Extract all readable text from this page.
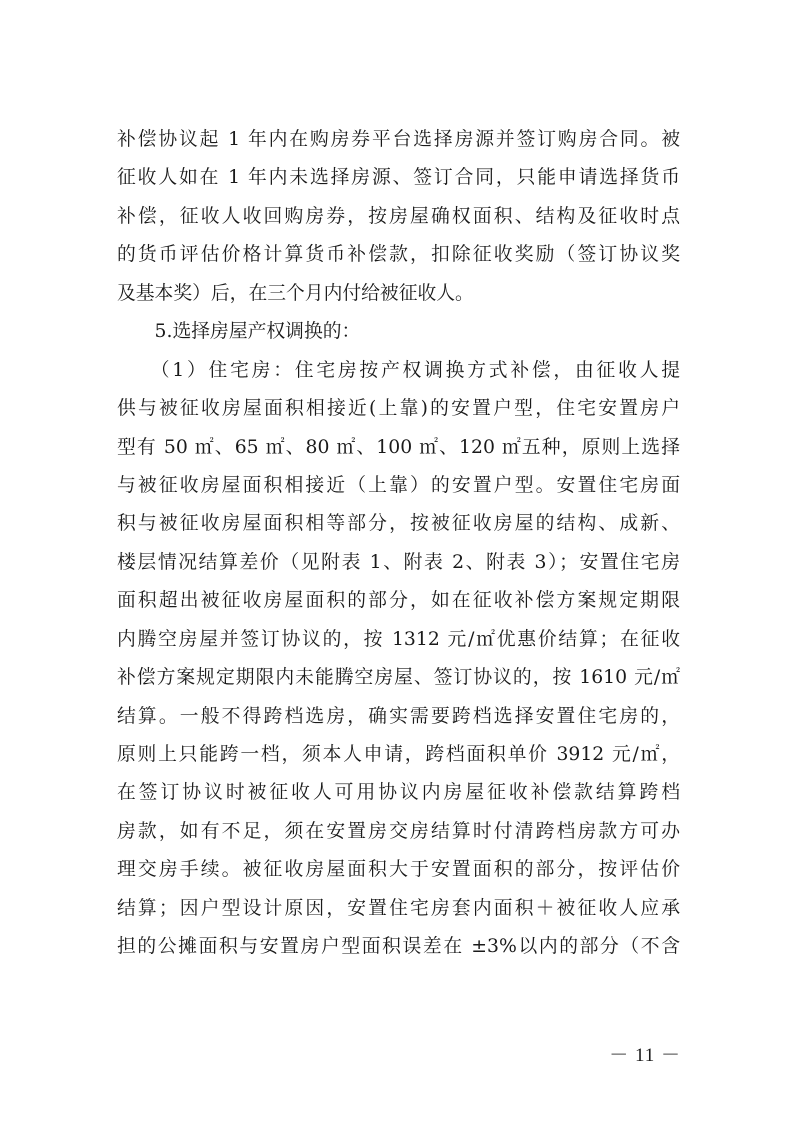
补偿协议起 1 年内在购房券平台选择房源并签订购房合同。被
征收人如在 1 年内未选择房源、签订合同，只能申请选择货币
补偿，征收人收回购房券，按房屋确权面积、结构及征收时点
的货币评估价格计算货币补偿款，扣除征收奖励（签订协议奖
及基本奖）后，在三个月内付给被征收人。
　　5.选择房屋产权调换的：
　　（1）住宅房：住宅房按产权调换方式补偿，由征收人提
供与被征收房屋面积相接近(上靠)的安置户型，住宅安置房户
型有 50 ㎡、65 ㎡、80 ㎡、100 ㎡、120 ㎡五种，原则上选择
与被征收房屋面积相接近（上靠）的安置户型。安置住宅房面
积与被征收房屋面积相等部分，按被征收房屋的结构、成新、
楼层情况结算差价（见附表 1、附表 2、附表 3）；安置住宅房
面积超出被征收房屋面积的部分，如在征收补偿方案规定期限
内腾空房屋并签订协议的，按 1312 元/㎡优惠价结算；在征收
补偿方案规定期限内未能腾空房屋、签订协议的，按 1610 元/㎡
结算。一般不得跨档选房，确实需要跨档选择安置住宅房的，
原则上只能跨一档，须本人申请，跨档面积单价 3912 元/㎡，
在签订协议时被征收人可用协议内房屋征收补偿款结算跨档
房款，如有不足，须在安置房交房结算时付清跨档房款方可办
理交房手续。被征收房屋面积大于安置面积的部分，按评估价
结算；因户型设计原因，安置住宅房套内面积＋被征收人应承
担的公摊面积与安置房户型面积误差在 ±3%以内的部分（不含
－ 11 －
